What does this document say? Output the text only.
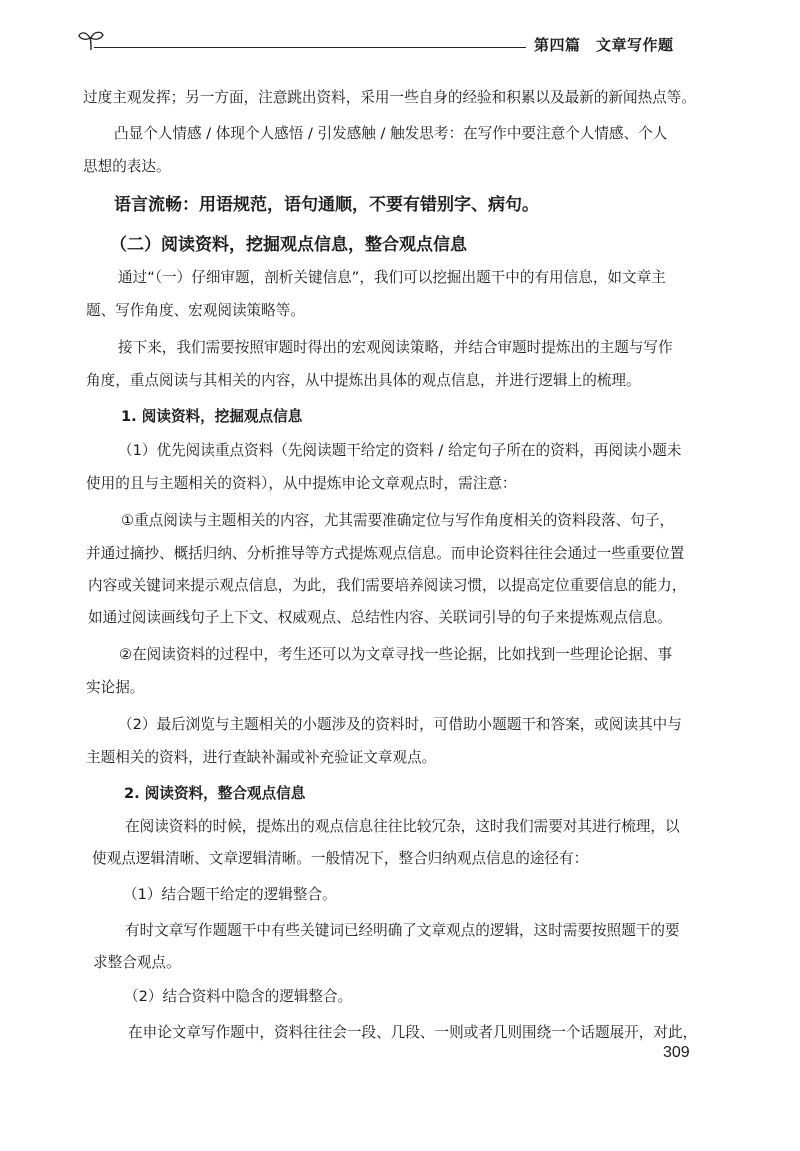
第四篇　文章写作题

过度主观发挥；另一方面，注意跳出资料，采用一些自身的经验和积累以及最新的新闻热点等。

凸显个人情感 / 体现个人感悟 / 引发感触 / 触发思考：在写作中要注意个人情感、个人

思想的表达。

语言流畅：用语规范，语句通顺，不要有错别字、病句。

（二）阅读资料，挖掘观点信息，整合观点信息

通过“（一）仔细审题，剖析关键信息”，我们可以挖掘出题干中的有用信息，如文章主

题、写作角度、宏观阅读策略等。

接下来，我们需要按照审题时得出的宏观阅读策略，并结合审题时提炼出的主题与写作

角度，重点阅读与其相关的内容，从中提炼出具体的观点信息，并进行逻辑上的梳理。

1. 阅读资料，挖掘观点信息

（1）优先阅读重点资料（先阅读题干给定的资料 / 给定句子所在的资料，再阅读小题未

使用的且与主题相关的资料），从中提炼申论文章观点时，需注意：

①重点阅读与主题相关的内容，尤其需要准确定位与写作角度相关的资料段落、句子，

并通过摘抄、概括归纳、分析推导等方式提炼观点信息。而申论资料往往会通过一些重要位置

内容或关键词来提示观点信息，为此，我们需要培养阅读习惯，以提高定位重要信息的能力，

如通过阅读画线句子上下文、权威观点、总结性内容、关联词引导的句子来提炼观点信息。

②在阅读资料的过程中，考生还可以为文章寻找一些论据，比如找到一些理论论据、事

实论据。

（2）最后浏览与主题相关的小题涉及的资料时，可借助小题题干和答案，或阅读其中与

主题相关的资料，进行查缺补漏或补充验证文章观点。

2. 阅读资料，整合观点信息

在阅读资料的时候，提炼出的观点信息往往比较冗杂，这时我们需要对其进行梳理，以

使观点逻辑清晰、文章逻辑清晰。一般情况下，整合归纳观点信息的途径有：

（1）结合题干给定的逻辑整合。

有时文章写作题题干中有些关键词已经明确了文章观点的逻辑，这时需要按照题干的要

求整合观点。

（2）结合资料中隐含的逻辑整合。

在申论文章写作题中，资料往往会一段、几段、一则或者几则围绕一个话题展开，对此，

309
